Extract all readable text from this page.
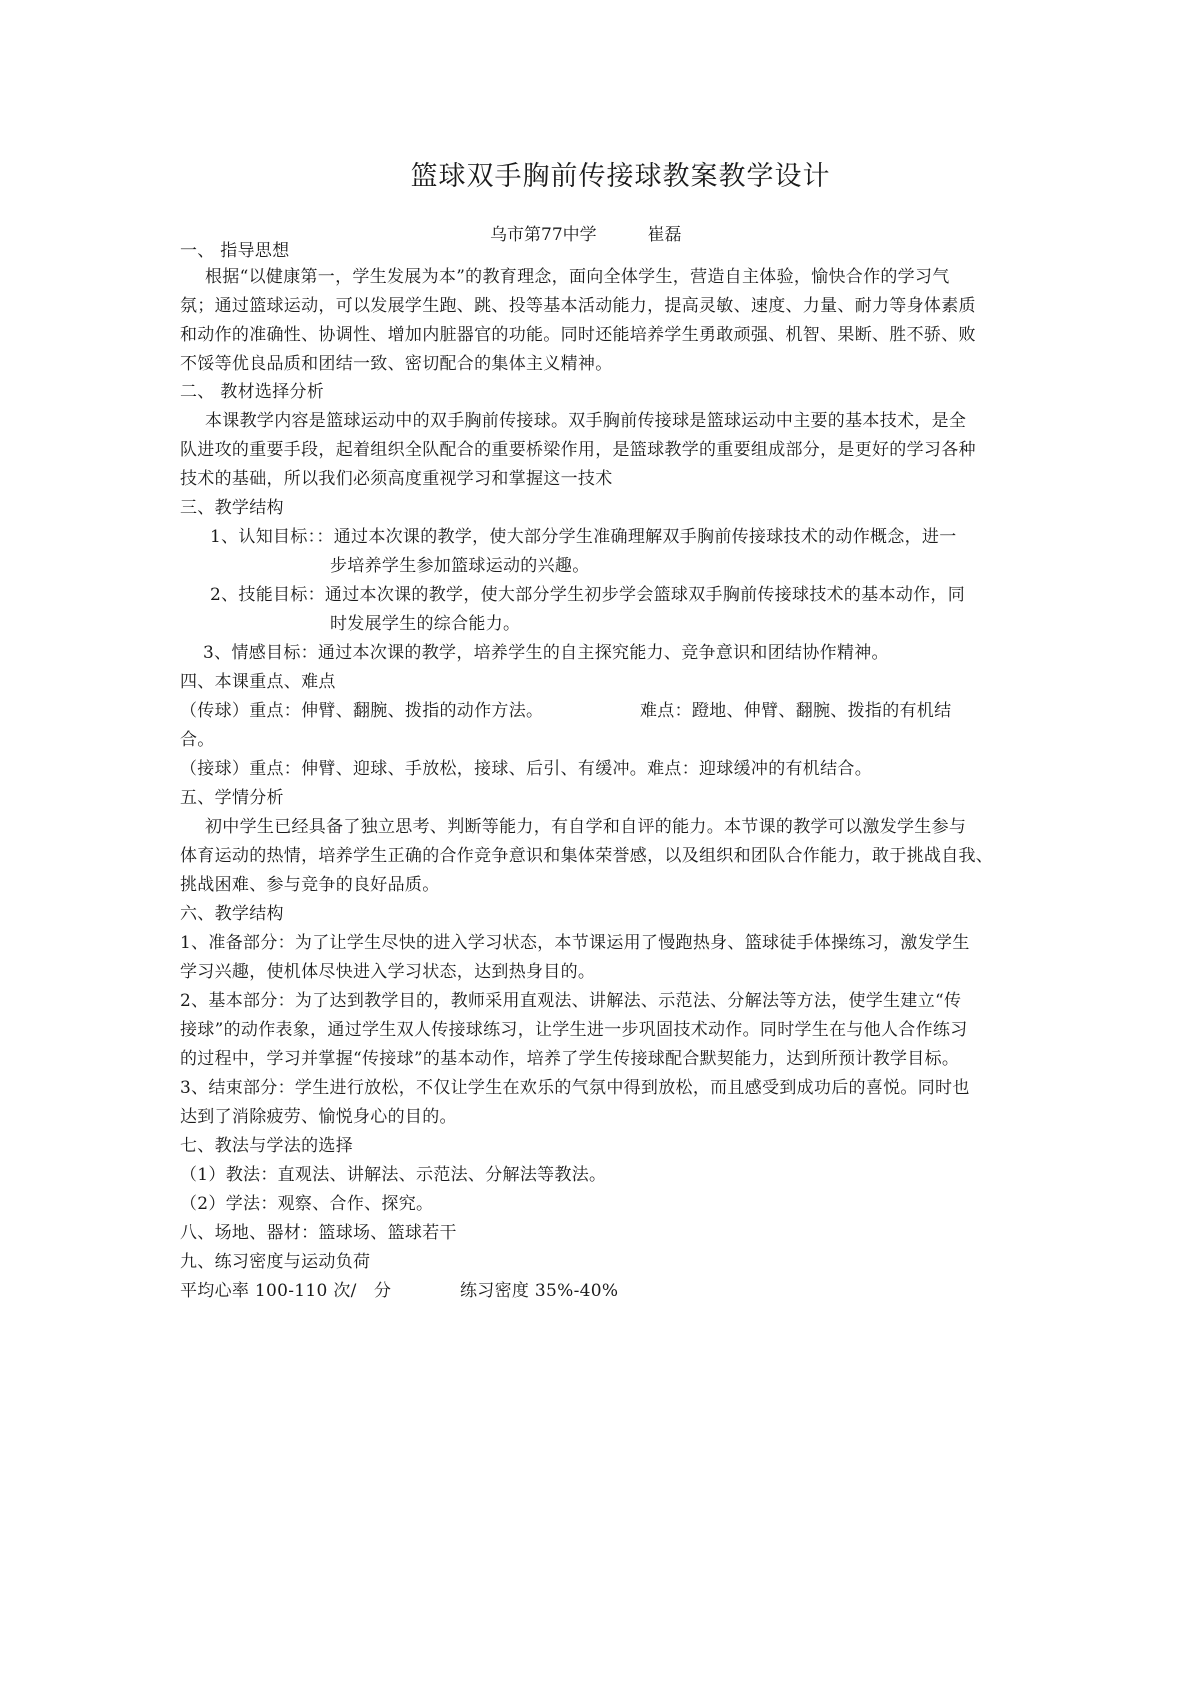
篮球双手胸前传接球教案教学设计
乌市第77中学	崔磊
一、 指导思想
根据“以健康第一，学生发展为本”的教育理念，面向全体学生，营造自主体验，愉快合作的学习气
氛；通过篮球运动，可以发展学生跑、跳、投等基本活动能力，提高灵敏、速度、力量、耐力等身体素质
和动作的准确性、协调性、增加内脏器官的功能。同时还能培养学生勇敢顽强、机智、果断、胜不骄、败
不馁等优良品质和团结一致、密切配合的集体主义精神。
二、 教材选择分析
本课教学内容是篮球运动中的双手胸前传接球。双手胸前传接球是篮球运动中主要的基本技术，是全
队进攻的重要手段，起着组织全队配合的重要桥梁作用，是篮球教学的重要组成部分，是更好的学习各种
技术的基础，所以我们必须高度重视学习和掌握这一技术
三、教学结构
1、认知目标：：通过本次课的教学，使大部分学生准确理解双手胸前传接球技术的动作概念，进一
步培养学生参加篮球运动的兴趣。
2、技能目标：通过本次课的教学，使大部分学生初步学会篮球双手胸前传接球技术的基本动作，同
时发展学生的综合能力。
3、情感目标：通过本次课的教学，培养学生的自主探究能力、竞争意识和团结协作精神。
四、本课重点、难点
（传球）重点：伸臂、翻腕、拨指的动作方法。	难点：蹬地、伸臂、翻腕、拨指的有机结
合。
（接球）重点：伸臂、迎球、手放松，接球、后引、有缓冲。难点：迎球缓冲的有机结合。
五、学情分析
初中学生已经具备了独立思考、判断等能力，有自学和自评的能力。本节课的教学可以激发学生参与
体育运动的热情，培养学生正确的合作竞争意识和集体荣誉感，以及组织和团队合作能力，敢于挑战自我、
挑战困难、参与竞争的良好品质。
六、教学结构
1、准备部分：为了让学生尽快的进入学习状态，本节课运用了慢跑热身、篮球徒手体操练习，激发学生
学习兴趣，使机体尽快进入学习状态，达到热身目的。
2、基本部分：为了达到教学目的，教师采用直观法、讲解法、示范法、分解法等方法，使学生建立“传
接球”的动作表象，通过学生双人传接球练习，让学生进一步巩固技术动作。同时学生在与他人合作练习
的过程中，学习并掌握“传接球”的基本动作，培养了学生传接球配合默契能力，达到所预计教学目标。
3、结束部分：学生进行放松，不仅让学生在欢乐的气氛中得到放松，而且感受到成功后的喜悦。同时也
达到了消除疲劳、愉悦身心的目的。
七、教法与学法的选择
（1）教法：直观法、讲解法、示范法、分解法等教法。
（2）学法：观察、合作、探究。
八、场地、器材：篮球场、篮球若干
九、练习密度与运动负荷
平均心率 100-110 次/　分	练习密度 35%-40%
